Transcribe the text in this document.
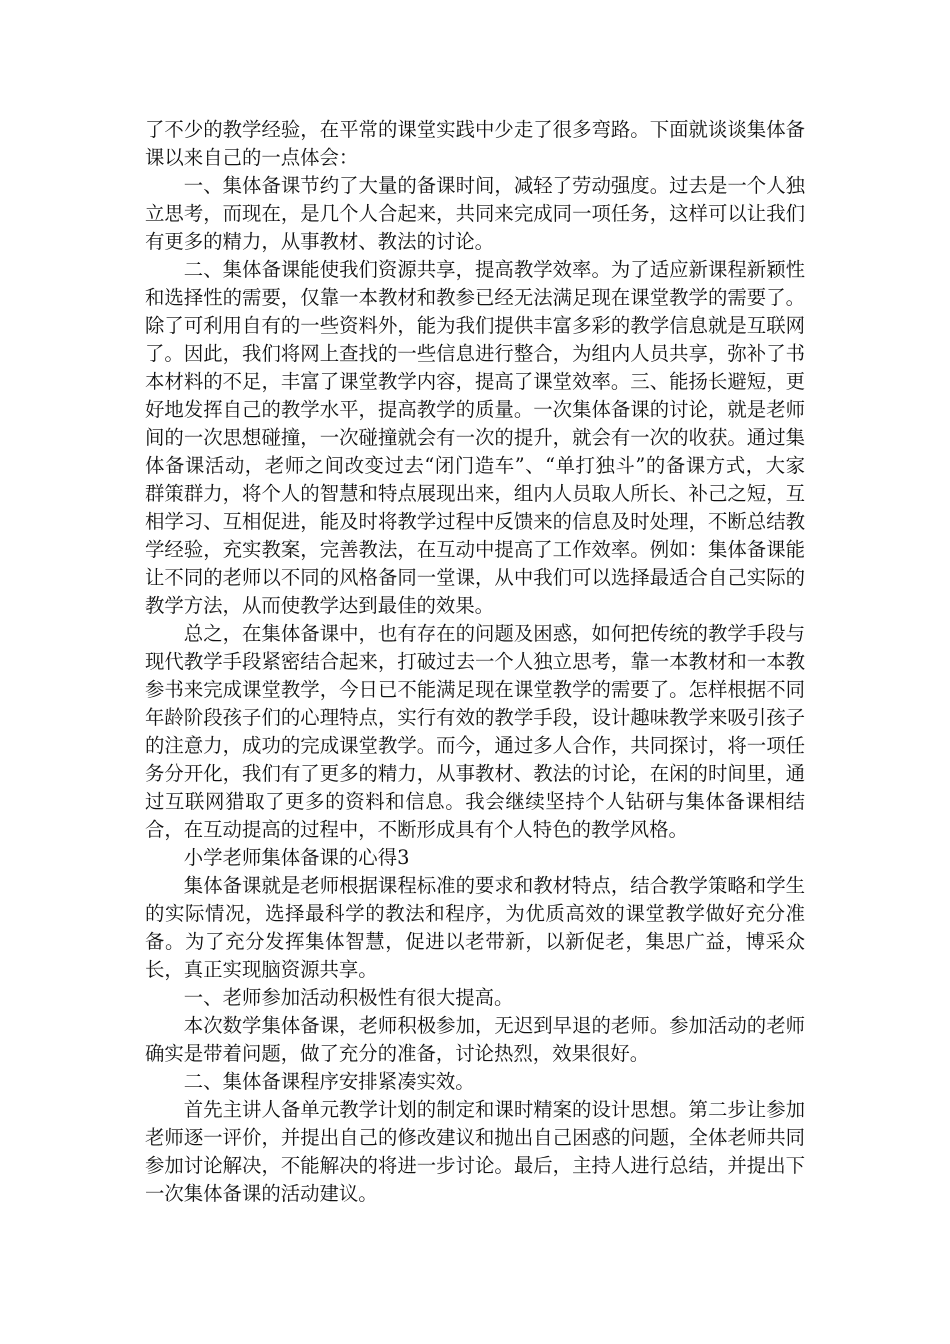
了不少的教学经验，在平常的课堂实践中少走了很多弯路。下面就谈谈集体备课以来自己的一点体会：

一、集体备课节约了大量的备课时间，减轻了劳动强度。过去是一个人独立思考，而现在，是几个人合起来，共同来完成同一项任务，这样可以让我们有更多的精力，从事教材、教法的讨论。

二、集体备课能使我们资源共享，提高教学效率。为了适应新课程新颖性和选择性的需要，仅靠一本教材和教参已经无法满足现在课堂教学的需要了。除了可利用自有的一些资料外，能为我们提供丰富多彩的教学信息就是互联网了。因此，我们将网上查找的一些信息进行整合，为组内人员共享，弥补了书本材料的不足，丰富了课堂教学内容，提高了课堂效率。三、能扬长避短，更好地发挥自己的教学水平，提高教学的质量。一次集体备课的讨论，就是老师间的一次思想碰撞，一次碰撞就会有一次的提升，就会有一次的收获。通过集体备课活动，老师之间改变过去“闭门造车”、“单打独斗”的备课方式，大家群策群力，将个人的智慧和特点展现出来，组内人员取人所长、补己之短，互相学习、互相促进，能及时将教学过程中反馈来的信息及时处理，不断总结教学经验，充实教案，完善教法，在互动中提高了工作效率。例如：集体备课能让不同的老师以不同的风格备同一堂课，从中我们可以选择最适合自己实际的教学方法，从而使教学达到最佳的效果。

总之，在集体备课中，也有存在的问题及困惑，如何把传统的教学手段与现代教学手段紧密结合起来，打破过去一个人独立思考，靠一本教材和一本教参书来完成课堂教学，今日已不能满足现在课堂教学的需要了。怎样根据不同年龄阶段孩子们的心理特点，实行有效的教学手段，设计趣味教学来吸引孩子的注意力，成功的完成课堂教学。而今，通过多人合作，共同探讨，将一项任务分开化，我们有了更多的精力，从事教材、教法的讨论，在闲的时间里，通过互联网猎取了更多的资料和信息。我会继续坚持个人钻研与集体备课相结合，在互动提高的过程中，不断形成具有个人特色的教学风格。

小学老师集体备课的心得3

集体备课就是老师根据课程标准的要求和教材特点，结合教学策略和学生的实际情况，选择最科学的教法和程序，为优质高效的课堂教学做好充分准备。为了充分发挥集体智慧，促进以老带新，以新促老，集思广益，博采众长，真正实现脑资源共享。

一、老师参加活动积极性有很大提高。

本次数学集体备课，老师积极参加，无迟到早退的老师。参加活动的老师确实是带着问题，做了充分的准备，讨论热烈，效果很好。

二、集体备课程序安排紧凑实效。

首先主讲人备单元教学计划的制定和课时精案的设计思想。第二步让参加老师逐一评价，并提出自己的修改建议和抛出自己困惑的问题，全体老师共同参加讨论解决，不能解决的将进一步讨论。最后，主持人进行总结，并提出下一次集体备课的活动建议。
